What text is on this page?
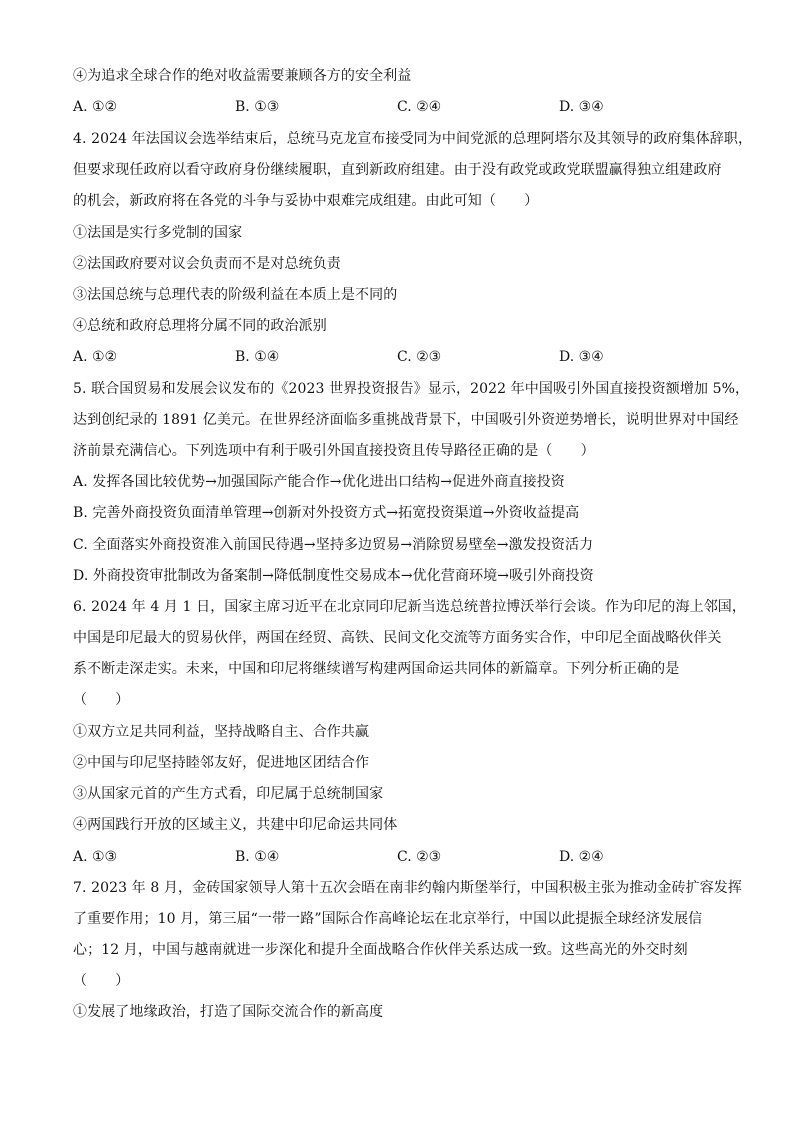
④为追求全球合作的绝对收益需要兼顾各方的安全利益
A. ①②	B. ①③	C. ②④	D. ③④
4. 2024 年法国议会选举结束后，总统马克龙宣布接受同为中间党派的总理阿塔尔及其领导的政府集体辞职，
但要求现任政府以看守政府身份继续履职，直到新政府组建。由于没有政党或政党联盟赢得独立组建政府
的机会，新政府将在各党的斗争与妥协中艰难完成组建。由此可知（　　）
①法国是实行多党制的国家
②法国政府要对议会负责而不是对总统负责
③法国总统与总理代表的阶级利益在本质上是不同的
④总统和政府总理将分属不同的政治派别
A. ①②	B. ①④	C. ②③	D. ③④
5. 联合国贸易和发展会议发布的《2023 世界投资报告》显示，2022 年中国吸引外国直接投资额增加 5%，
达到创纪录的 1891 亿美元。在世界经济面临多重挑战背景下，中国吸引外资逆势增长，说明世界对中国经
济前景充满信心。下列选项中有利于吸引外国直接投资且传导路径正确的是（　　）
A. 发挥各国比较优势→加强国际产能合作→优化进出口结构→促进外商直接投资
B. 完善外商投资负面清单管理→创新对外投资方式→拓宽投资渠道→外资收益提高
C. 全面落实外商投资准入前国民待遇→坚持多边贸易→消除贸易壁垒→激发投资活力
D. 外商投资审批制改为备案制→降低制度性交易成本→优化营商环境→吸引外商投资
6. 2024 年 4 月 1 日，国家主席习近平在北京同印尼新当选总统普拉博沃举行会谈。作为印尼的海上邻国，
中国是印尼最大的贸易伙伴，两国在经贸、高铁、民间文化交流等方面务实合作，中印尼全面战略伙伴关
系不断走深走实。未来，中国和印尼将继续谱写构建两国命运共同体的新篇章。下列分析正确的是
（　　）
①双方立足共同利益，坚持战略自主、合作共赢
②中国与印尼坚持睦邻友好，促进地区团结合作
③从国家元首的产生方式看，印尼属于总统制国家
④两国践行开放的区域主义，共建中印尼命运共同体
A. ①③	B. ①④	C. ②③	D. ②④
7. 2023 年 8 月，金砖国家领导人第十五次会晤在南非约翰内斯堡举行，中国积极主张为推动金砖扩容发挥
了重要作用；10 月，第三届“一带一路”国际合作高峰论坛在北京举行，中国以此提振全球经济发展信
心；12 月，中国与越南就进一步深化和提升全面战略合作伙伴关系达成一致。这些高光的外交时刻
（　　）
①发展了地缘政治，打造了国际交流合作的新高度
